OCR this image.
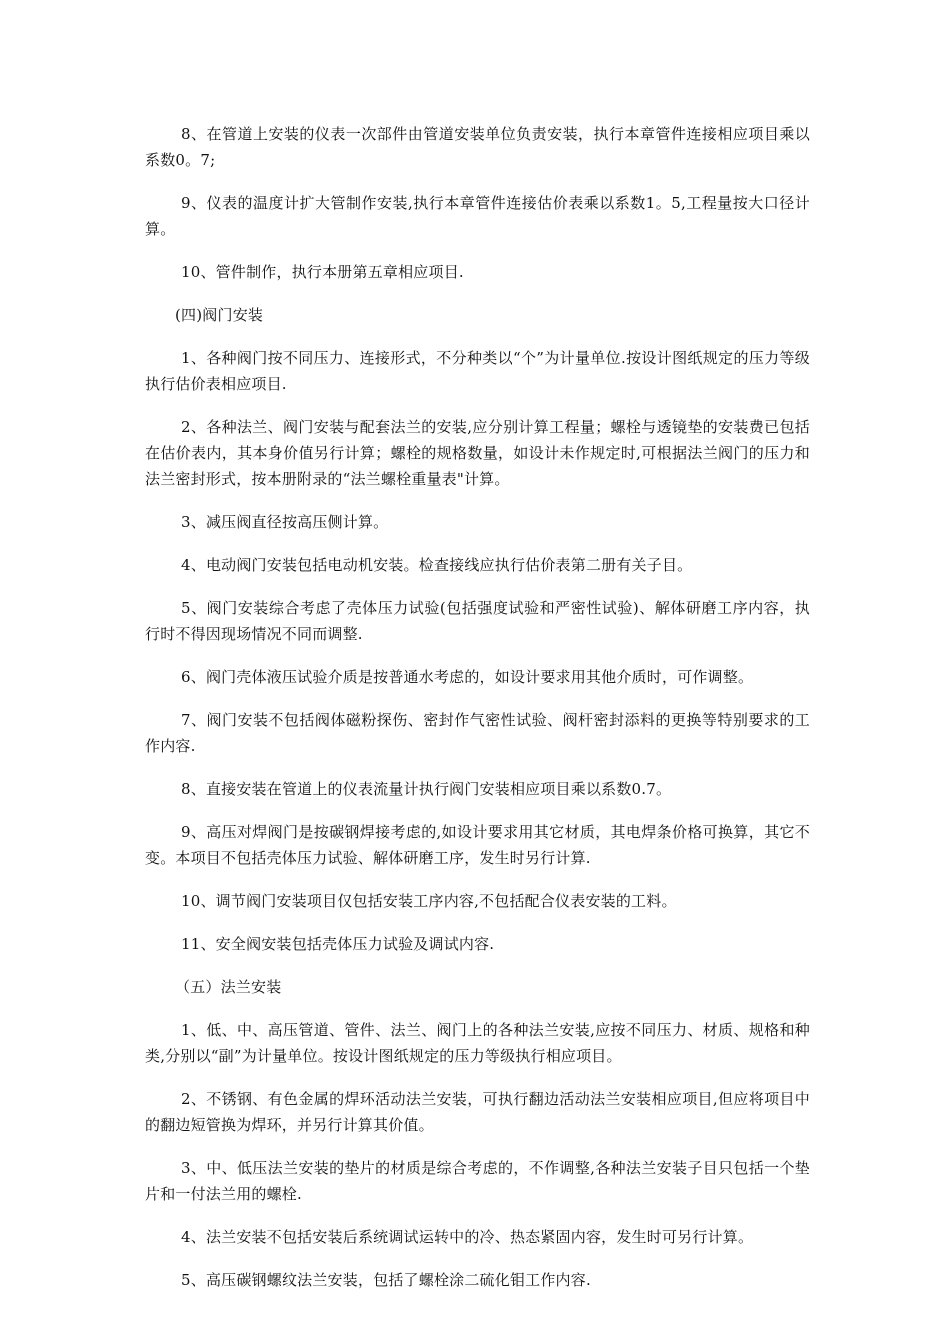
8、在管道上安装的仪表一次部件由管道安装单位负责安装，执行本章管件连接相应项目乘以系数0。7;

9、仪表的温度计扩大管制作安装,执行本章管件连接估价表乘以系数1。5,工程量按大口径计算。

10、管件制作，执行本册第五章相应项目.

(四)阀门安装

1、各种阀门按不同压力、连接形式，不分种类以“个”为计量单位.按设计图纸规定的压力等级执行估价表相应项目.

2、各种法兰、阀门安装与配套法兰的安装,应分别计算工程量；螺栓与透镜垫的安装费已包括在估价表内，其本身价值另行计算；螺栓的规格数量，如设计未作规定时,可根据法兰阀门的压力和法兰密封形式，按本册附录的“法兰螺栓重量表"计算。

3、减压阀直径按高压侧计算。

4、电动阀门安装包括电动机安装。检查接线应执行估价表第二册有关子目。

5、阀门安装综合考虑了壳体压力试验(包括强度试验和严密性试验)、解体研磨工序内容，执行时不得因现场情况不同而调整.

6、阀门壳体液压试验介质是按普通水考虑的，如设计要求用其他介质时，可作调整。

7、阀门安装不包括阀体磁粉探伤、密封作气密性试验、阀杆密封添料的更换等特别要求的工作内容.

8、直接安装在管道上的仪表流量计执行阀门安装相应项目乘以系数0.7。

9、高压对焊阀门是按碳钢焊接考虑的,如设计要求用其它材质，其电焊条价格可换算，其它不变。本项目不包括壳体压力试验、解体研磨工序，发生时另行计算.

10、调节阀门安装项目仅包括安装工序内容,不包括配合仪表安装的工料。

11、安全阀安装包括壳体压力试验及调试内容.

（五）法兰安装

1、低、中、高压管道、管件、法兰、阀门上的各种法兰安装,应按不同压力、材质、规格和种类,分别以“副”为计量单位。按设计图纸规定的压力等级执行相应项目。

2、不锈钢、有色金属的焊环活动法兰安装，可执行翻边活动法兰安装相应项目,但应将项目中的翻边短管换为焊环，并另行计算其价值。

3、中、低压法兰安装的垫片的材质是综合考虑的，不作调整,各种法兰安装子目只包括一个垫片和一付法兰用的螺栓.

4、法兰安装不包括安装后系统调试运转中的冷、热态紧固内容，发生时可另行计算。

5、高压碳钢螺纹法兰安装，包括了螺栓涂二硫化钼工作内容.
